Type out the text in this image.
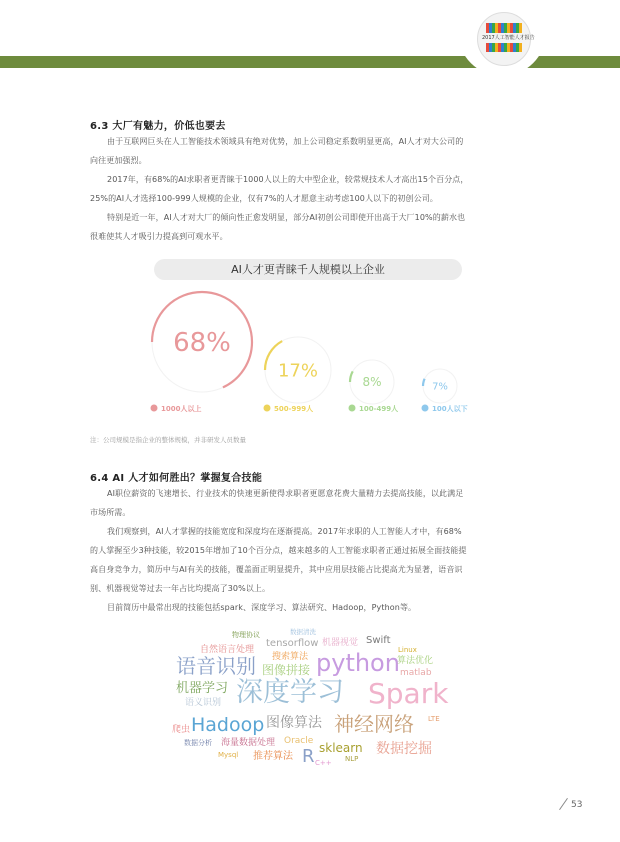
2017人工智能人才报告
6.3 大厂有魅力，价低也要去

由于互联网巨头在人工智能技术领域具有绝对优势，加上公司稳定系数明显更高，AI人才对大公司的

向往更加强烈。

2017年，有68%的AI求职者更青睐于1000人以上的大中型企业，较常规技术人才高出15个百分点，

25%的AI人才选择100-999人规模的企业，仅有7%的人才愿意主动考虑100人以下的初创公司。

特别是近一年，AI人才对大厂的倾向性正愈发明显，部分AI初创公司即使开出高于大厂10%的薪水也

很难使其人才吸引力提高到可观水平。

AI人才更青睐千人规模以上企业
68%
1000人以上
17%
500-999人
8%
100-499人
7%
100人以下
注：公司规模是指企业的整体规模，并非研发人员数量
6.4 AI 人才如何胜出？掌握复合技能

AI职位薪资的飞速增长、行业技术的快速更新使得求职者更愿意花费大量精力去提高技能，以此满足

市场所需。

我们观察到，AI人才掌握的技能宽度和深度均在逐渐提高。2017年求职的人工智能人才中，有68%

的人掌握至少3种技能，较2015年增加了10个百分点，越来越多的人工智能求职者正通过拓展全面技能提

高自身竞争力，简历中与AI有关的技能，覆盖面正明显提升，其中应用层技能占比提高尤为显著，语音识

别、机器视觉等过去一年占比均提高了30%以上。

目前简历中最常出现的技能包括spark、深度学习、算法研究、Hadoop，Python等。

物理协议	数据清洗
tensorflow 机器视觉 Swift
自然语言处理
搜索算法
Linux
语音识别 图像拼接 python
算法优化
matlab
机器学习 深度学习 Spark
语义识别
爬虫 Hadoop 图像算法 神经网络 LTE
数据分析 海量数据处理 Oracle sklearn 数据挖掘
Mysql 推荐算法 R C++ NLP
53
